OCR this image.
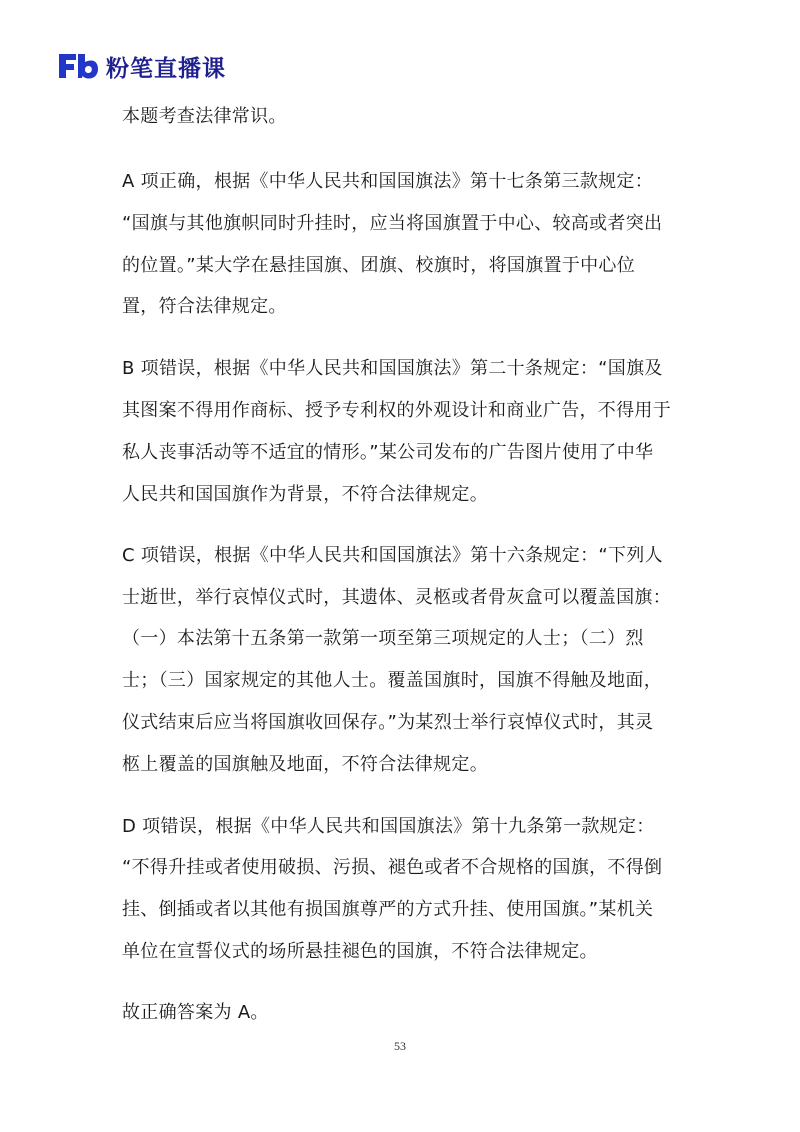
粉笔直播课
本题考查法律常识。
A 项正确，根据《中华人民共和国国旗法》第十七条第三款规定：
“国旗与其他旗帜同时升挂时，应当将国旗置于中心、较高或者突出
的位置。”某大学在悬挂国旗、团旗、校旗时，将国旗置于中心位
置，符合法律规定。
B 项错误，根据《中华人民共和国国旗法》第二十条规定：“国旗及
其图案不得用作商标、授予专利权的外观设计和商业广告，不得用于
私人丧事活动等不适宜的情形。”某公司发布的广告图片使用了中华
人民共和国国旗作为背景，不符合法律规定。
C 项错误，根据《中华人民共和国国旗法》第十六条规定：“下列人
士逝世，举行哀悼仪式时，其遗体、灵柩或者骨灰盒可以覆盖国旗：
（一）本法第十五条第一款第一项至第三项规定的人士；（二）烈
士；（三）国家规定的其他人士。覆盖国旗时，国旗不得触及地面，
仪式结束后应当将国旗收回保存。”为某烈士举行哀悼仪式时，其灵
柩上覆盖的国旗触及地面，不符合法律规定。
D 项错误，根据《中华人民共和国国旗法》第十九条第一款规定：
“不得升挂或者使用破损、污损、褪色或者不合规格的国旗，不得倒
挂、倒插或者以其他有损国旗尊严的方式升挂、使用国旗。”某机关
单位在宣誓仪式的场所悬挂褪色的国旗，不符合法律规定。
故正确答案为 A。
53
